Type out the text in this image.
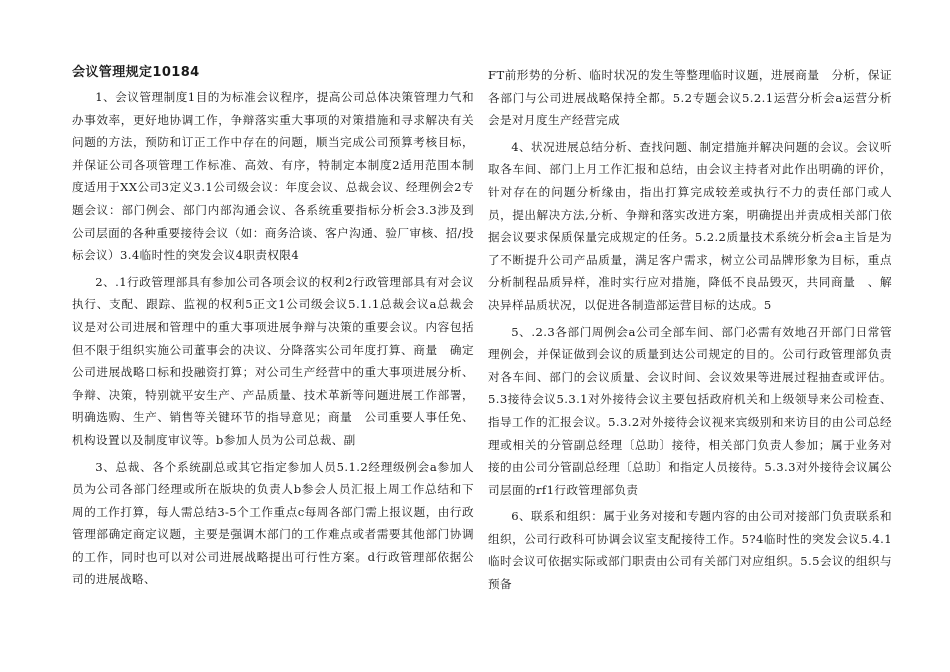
会议管理规定10184

1、会议管理制度1目的为标准会议程序，提高公司总体决策管理力气和办事效率，更好地协调工作，争辩落实重大事项的对策措施和寻求解决有关问题的方法，预防和订正工作中存在的问题，顺当完成公司预算考核目标，并保证公司各项管理工作标准、高效、有序，特制定本制度2适用范围本制度适用于XX公司3定义3.1公司级会议：年度会议、总裁会议、经理例会2专题会议：部门例会、部门内部沟通会议、各系统重要指标分析会3.3涉及到公司层面的各种重要接待会议（如：商务洽谈、客户沟通、验厂审核、招/投标会议）3.4临时性的突发会议4职责权限4

2、.1行政管理部具有参加公司各项会议的权利2行政管理部具有对会议执行、支配、跟踪、监视的权利5正文1公司级会议5.1.1总裁会议a总裁会议是对公司进展和管理中的重大事项进展争辩与决策的重要会议。内容包括但不限于组织实施公司董事会的决议、分降落实公司年度打算、商量　确定公司进展战略口标和投融资打算；对公司生产经营中的重大事项进展分析、争辩、决策，特别就平安生产、产品质量、技术革新等问题进展工作部署，明确选购、生产、销售等关键环节的指导意见；商量　公司重要人事任免、机构设置以及制度审议等。b参加人员为公司总裁、副

3、总裁、各个系统副总或其它指定参加人员5.1.2经理级例会a参加人员为公司各部门经理或所在版块的负责人b参会人员汇报上周工作总结和下周的工作打算，每人需总结3-5个工作重点c每周各部门需上报议题，由行政管理部确定商定议题，主要是强调木部门的工作难点或者需要其他部门协调的工作，同时也可以对公司进展战略提出可行性方案。d行政管理部依据公司的进展战略、

FT前形势的分析、临时状况的发生等整理临时议题，进展商量　分析，保证各部门与公司进展战略保持全都。5.2专题会议5.2.1运营分析会a运营分析会是对月度生产经营完成

4、状况进展总结分析、查找问题、制定措施并解决问题的会议。会议听取各车间、部门上月工作汇报和总结，由会议主持者对此作出明确的评价，针对存在的问题分析缘由，指出打算完成较差或执行不力的责任部门或人员，提出解决方法,分析、争辩和落实改进方案，明确提出并责成相关部门依据会议要求保质保量完成规定的任务。5.2.2质量技术系统分析会a主旨是为了不断提升公司产品质量，满足客户需求，树立公司品牌形象为目标，重点分析制程品质异样，准时实行应对措施，降低不良品毁灭，共同商量　、解决异样品质状况，以促进各制造部运营目标的达成。5

5、.2.3各部门周例会a公司全部车间、部门必需有效地召开部门日常管理例会，并保证做到会议的质量到达公司规定的目的。公司行政管理部负责对各车间、部门的会议质量、会议时间、会议效果等进展过程抽查或评估。5.3接待会议5.3.1对外接待会议主要包括政府机关和上级领导来公司检查、指导工作的汇报会议。5.3.2对外接待会议视来宾级别和来访目的由公司总经理或相关的分管副总经理〔总助〕接待，相关部门负责人参加；属于业务对接的由公司分管副总经理〔总助〕和指定人员接待。5.3.3对外接待会议属公司层面的rf1行政管理部负责

6、联系和组织：属于业务对接和专题内容的由公司对接部门负责联系和组织，公司行政科可协调会议室支配接待工作。5?4临时性的突发会议5.4.1临时会议可依据实际或部门职责由公司有关部门对应组织。5.5会议的组织与预备
